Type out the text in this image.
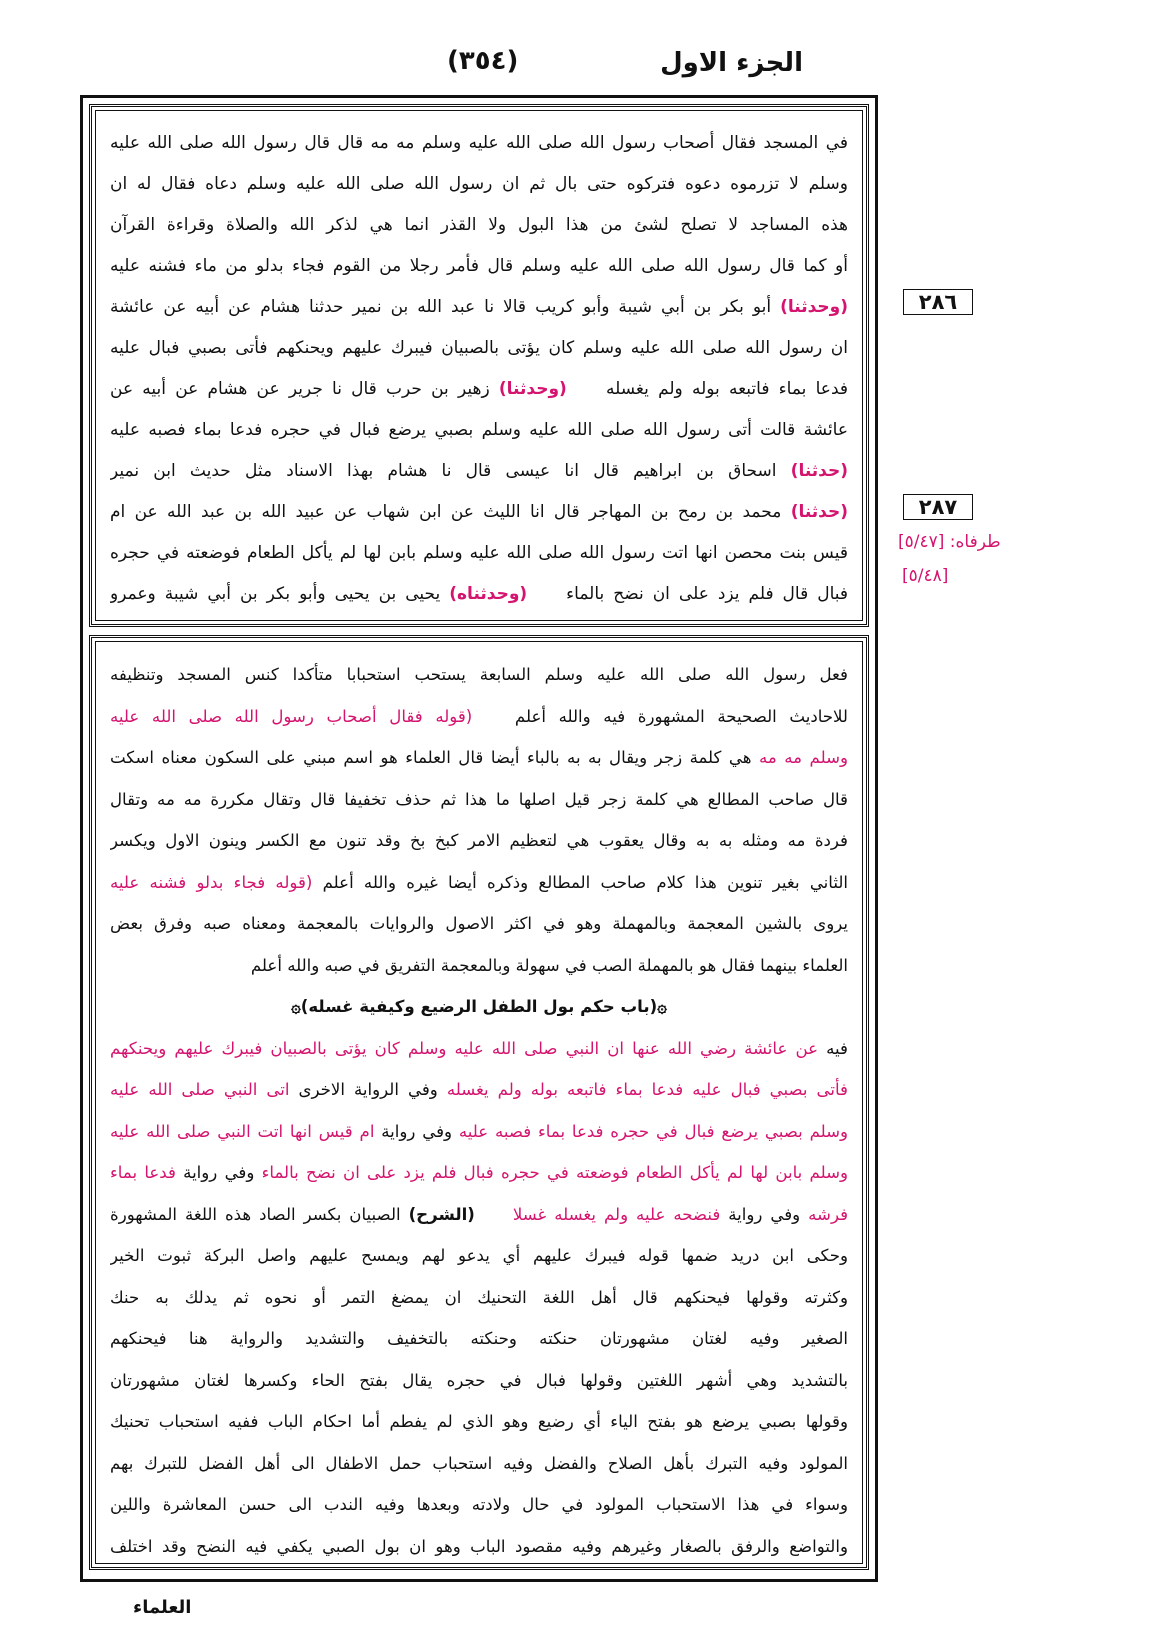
الجزء الاول
(٣٥٤)
في المسجد فقال أصحاب رسول الله صلى الله عليه وسلم مه مه قال قال رسول الله صلى الله عليه
وسلم لا تزرموه دعوه فتركوه حتى بال ثم ان رسول الله صلى الله عليه وسلم دعاه فقال له ان
هذه المساجد لا تصلح لشئ من هذا البول ولا القذر انما هي لذكر الله والصلاة وقراءة القرآن
أو كما قال رسول الله صلى الله عليه وسلم قال فأمر رجلا من القوم فجاء بدلو من ماء فشنه عليه
(وحدثنا) أبو بكر بن أبي شيبة وأبو كريب قالا نا عبد الله بن نمير حدثنا هشام عن أبيه عن عائشة
ان رسول الله صلى الله عليه وسلم كان يؤتى بالصبيان فيبرك عليهم ويحنكهم فأتى بصبي فبال عليه
فدعا بماء فاتبعه بوله ولم يغسله (وحدثنا) زهير بن حرب قال نا جرير عن هشام عن أبيه عن
عائشة قالت أتى رسول الله صلى الله عليه وسلم بصبي يرضع فبال في حجره فدعا بماء فصبه عليه
(حدثنا) اسحاق بن ابراهيم قال انا عيسى قال نا هشام بهذا الاسناد مثل حديث ابن نمير
(حدثنا) محمد بن رمح بن المهاجر قال انا الليث عن ابن شهاب عن عبيد الله بن عبد الله عن ام
قيس بنت محصن انها اتت رسول الله صلى الله عليه وسلم بابن لها لم يأكل الطعام فوضعته في حجره
فبال قال فلم يزد على ان نضح بالماء (وحدثناه) يحيى بن يحيى وأبو بكر بن أبي شيبة وعمرو
فعل رسول الله صلى الله عليه وسلم السابعة يستحب استحبابا متأكدا كنس المسجد وتنظيفه
للاحاديث الصحيحة المشهورة فيه والله أعلم (قوله فقال أصحاب رسول الله صلى الله عليه
وسلم مه مه هي كلمة زجر ويقال به به بالباء أيضا قال العلماء هو اسم مبني على السكون معناه اسكت
قال صاحب المطالع هي كلمة زجر قيل اصلها ما هذا ثم حذف تخفيفا قال وتقال مكررة مه مه وتقال
فردة مه ومثله به به وقال يعقوب هي لتعظيم الامر كبخ بخ وقد تنون مع الكسر وينون الاول ويكسر
الثاني بغير تنوين هذا كلام صاحب المطالع وذكره أيضا غيره والله أعلم (قوله فجاء بدلو فشنه عليه
يروى بالشين المعجمة وبالمهملة وهو في اكثر الاصول والروايات بالمعجمة ومعناه صبه وفرق بعض
العلماء بينهما فقال هو بالمهملة الصب في سهولة وبالمعجمة التفريق في صبه والله أعلم
۞(باب حكم بول الطفل الرضيع وكيفية غسله)۞
فيه عن عائشة رضي الله عنها ان النبي صلى الله عليه وسلم كان يؤتى بالصبيان فيبرك عليهم ويحنكهم
فأتى بصبي فبال عليه فدعا بماء فاتبعه بوله ولم يغسله وفي الرواية الاخرى اتى النبي صلى الله عليه
وسلم بصبي يرضع فبال في حجره فدعا بماء فصبه عليه وفي رواية ام قيس انها اتت النبي صلى الله عليه
وسلم بابن لها لم يأكل الطعام فوضعته في حجره فبال فلم يزد على ان نضح بالماء وفي رواية فدعا بماء
فرشه وفي رواية فنضحه عليه ولم يغسله غسلا (الشرح) الصبيان بكسر الصاد هذه اللغة المشهورة
وحكى ابن دريد ضمها قوله فيبرك عليهم أي يدعو لهم ويمسح عليهم واصل البركة ثبوت الخير
وكثرته وقولها فيحنكهم قال أهل اللغة التحنيك ان يمضغ التمر أو نحوه ثم يدلك به حنك
الصغير وفيه لغتان مشهورتان حنكته وحنكته بالتخفيف والتشديد والرواية هنا فيحنكهم
بالتشديد وهي أشهر اللغتين وقولها فبال في حجره يقال بفتح الحاء وكسرها لغتان مشهورتان
وقولها بصبي يرضع هو بفتح الياء أي رضيع وهو الذي لم يفطم أما احكام الباب ففيه استحباب تحنيك
المولود وفيه التبرك بأهل الصلاح والفضل وفيه استحباب حمل الاطفال الى أهل الفضل للتبرك بهم
وسواء في هذا الاستحباب المولود في حال ولادته وبعدها وفيه الندب الى حسن المعاشرة واللين
والتواضع والرفق بالصغار وغيرهم وفيه مقصود الباب وهو ان بول الصبي يكفي فيه النضح وقد اختلف
٢٨٦
٢٨٧
طرفاه: [٥/٤٧]
[٥/٤٨]
العلماء
